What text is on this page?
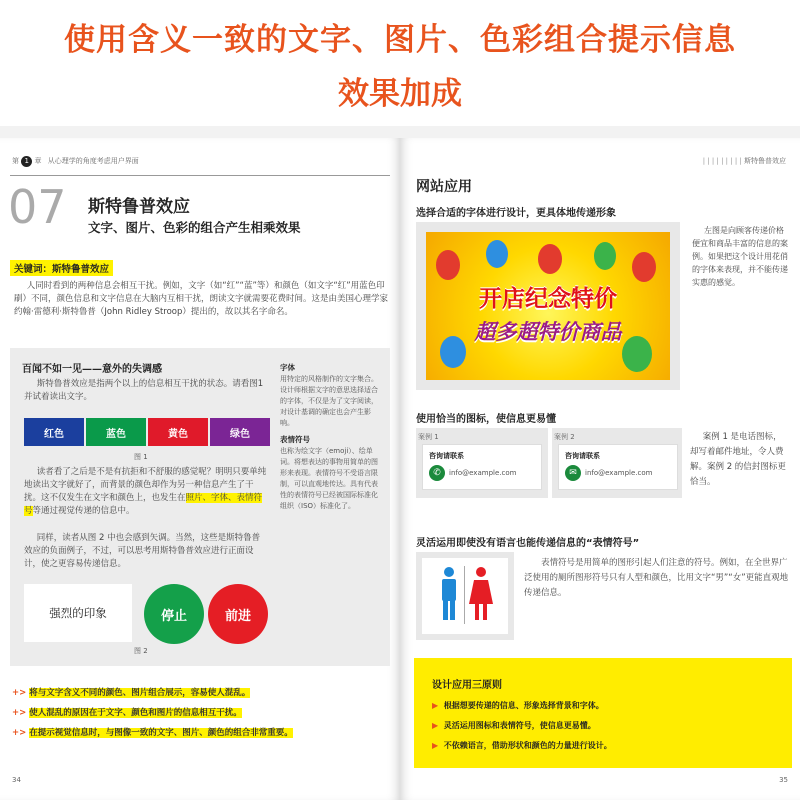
使用含义一致的文字、图片、色彩组合提示信息
效果加成
第 1 章 从心理学的角度考虑用户界面
07 斯特鲁普效应
文字、图片、色彩的组合产生相乘效果
关键词：斯特鲁普效应
人同时看到的两种信息会相互干扰。例如，文字（如“红”“蓝”等）和颜色（如文字“红”用蓝色印刷）不同，颜色信息和文字信息在大脑内互相干扰，朗读文字就需要花费时间。这是由美国心理学家约翰·雷德利·斯特鲁普（John Ridley Stroop）提出的，故以其名字命名。
百闻不如一见——意外的失调感
斯特鲁普效应是指两个以上的信息相互干扰的状态。请看图1并试着读出文字。
图 1
读者看了之后是不是有抗拒和不舒服的感觉呢？明明只要单纯地读出文字就好了，而背景的颜色却作为另一种信息产生了干扰。这不仅发生在文字和颜色上，也发生在照片、字体、表情符号等通过视觉传递的信息中。
同样，读者从图 2 中也会感到矢调。当然，这些是斯特鲁普效应的负面例子，不过，可以思考用斯特鲁普效应进行正面设计，使之更容易传递信息。
强烈的印象	停止	前进
图 2
字体
用特定的风格制作的文字集合。设计师根据文字的意思选择适合的字体，不仅是为了文字阅读，对设计基调的确定也会产生影响。
表情符号
也称为绘文字（emoji）、绘单词。将想表达的事物用简单的图形来表现。表情符号不受语言限制，可以直观地传达。具有代表性的表情符号已经被国际标准化组织（ISO）标准化了。
+> 将与文字含义不同的颜色、图片组合展示，容易使人混乱。
+> 使人混乱的原因在于文字、颜色和图片的信息相互干扰。
+> 在提示视觉信息时，与图像一致的文字、图片、颜色的组合非常重要。
34
红色	蓝色	黄色	绿色
| | | | | | | | | 斯特鲁普效应
网站应用
选择合适的字体进行设计，更具体地传递形象
开店纪念特价
超多超特价商品
左图是向顾客传递价格便宜和商品丰富的信息的案例。如果把这个设计用花俏的字体来表现，并不能传递实惠的感觉。
使用恰当的图标，使信息更易懂
案例 1
咨询请联系
✆	info@example.com
案例 2
咨询请联系
✉	info@example.com
案例 1 是电话图标，却写着邮件地址，令人费解。案例 2 的信封图标更恰当。
灵活运用即使没有语言也能传递信息的“表情符号”
表情符号是用简单的图形引起人们注意的符号。例如，在全世界广泛使用的厕所图形符号只有人型和颜色，比用文字“男”“女”更能直观地传递信息。
设计应用三原则
▶  根据想要传递的信息、形象选择背景和字体。
▶  灵活运用图标和表情符号，使信息更易懂。
▶  不依赖语言，借助形状和颜色的力量进行设计。
35
